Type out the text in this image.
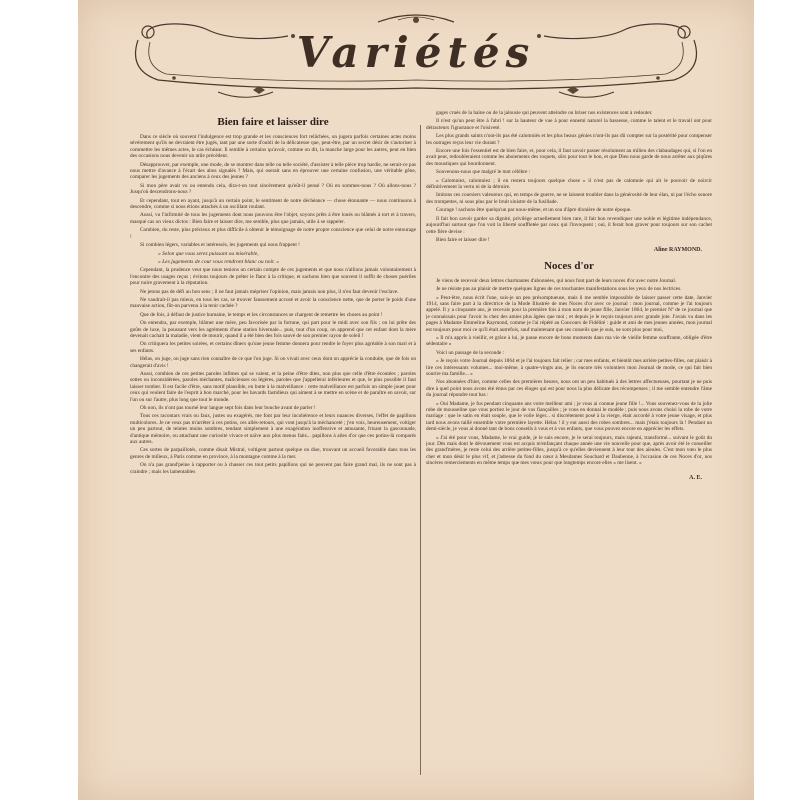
Variétés
Bien faire et laisser dire

Dans ce siècle où souvent l'indulgence est trop grande et les consciences fort relâchées, on jugera parfois certaines actes moins sévèrement qu'ils ne devraient être jugés, tant par une sorte d'oubli de la délicatesse que, peut-être, par un secret désir de s'autoriser à commettre les mêmes actes, le cas échéant. Il semble à certains qu'avoir, comme on dit, la manche large pour les autres, peut en bien des occasions nous devenir un utile précédent.

Désapprouver, par exemple, une mode, de se montrer dans telle ou telle société, d'assister à telle pièce trop hardie, ne serait-ce pas nous mettre d'avance à l'écart des abus signalés ? Mais, qui oserait sans en éprouver une certaine confusion, une véritable gêne, comparer les jugements des anciens à ceux des jeunes ?

Si mon père avait vu ou entendu cela, dira-t-on tout sincèrement qu'eût-il pensé ? Où en sommes-nous ? Où allons-nous ? Jusqu'où descendrons-nous ?

Et cependant, tout en ayant, jusqu'à un certain point, le sentiment de notre déchéance — chose étonnante — nous continuons à descendre, comme si nous étions attachés à un oscillant roulant.

Aussi, vu l'infirmité de tous les jugements dont nous pouvons être l'objet, soyons prêts à être loués ou blâmés à tort et à travers, masqué cas on vieux dictos : Bien faire et laisser dire, me semble, plus que jamais, utile à se rappeler.

Combien, du reste, plus précieux et plus difficile à obtenir le témoignage de notre propre conscience que celui de notre entourage !

Si combien légers, variables et intéressés, les jugements qui nous frappent !

« Selon que vous serez puissant ou misérable,

« Les jugements de cour vous rendront blanc ou noir. »

Cependant, la prudence veut que nous tenions un certain compte de ces jugements et que nous n'allions jamais volontairement à l'encontre des usages reçus ; évitons toujours de prêter le flanc à la critique, et sachons bien que souvent il suffit de choses puériles pour nuire gravement à la réputation.

Ne jetons pas de défi au bon sens ; il ne faut jamais mépriser l'opinion, mais jamais non plus, il n'en faut devenir l'esclave.

Ne vaudrait-il pas mieux, en tous les cas, se trouver faussement accusé et avoir la conscience nette, que de porter le poids d'une mauvaise action, fût-on parvenu à la tenir cachée ?

Que de fois, à défaut de justice humaine, le temps et les circonstances se chargent de remettre les choses au point !

On entendra, par exemple, blâmer une mère, peu favorisée par la fortune, qui part pour le midi avec son fils ; on lui prête des goûts de luxe, la poussant vers les agréments d'une station hivernale... puis, tout d'un coup, on apprend que cet enfant dont la mère devenait cachait la maladie, vient de mourir, quand il a été bien des fois sauvé de son premier rayon de soleil !

On critiquera les petites soirées, et certains dîners qu'une jeune femme donnera pour rendre le foyer plus agréable à son mari et à ses enfants.

Hélas, on juge, on juge sans rien connaître de ce que l'on juge. Si on vivait avec ceux dont on apprécie la conduite, que de fois on changerait d'avis !

Aussi, combien de ces petites paroles infimes qui se valent, et la peine d'être dites, non plus que celle d'être écoutées ; paroles sottes ou inconsidérées, paroles méchantes, malicieuses ou légères, paroles que j'appellerai inférieures et que, le plus possible il faut laisser tomber. Il est facile d'être, sans motif plausible, en butte à la malveillance : cette malveillance est parfois un simple jouet pour ceux qui veulent faire de l'esprit à bon marché, pour les bavards fastidieux qui aiment à se mettre en scène et de paraître en savoir, sur l'un ou sur l'autre, plus long que tout le monde.

Oh non, ils n'ont pas tourné leur langue sept fois dans leur bouche avant de parler !

Tous ces racontars vrais ou faux, justes ou exagérés, me font par leur incohérence et leurs nuances diverses, l'effet de papillons multicolores. Je ne veux pas m'arrêter à ces potins, ces allés-retours, qui vont jusqu'à la méchanceté ; j'en vois, heureusement, voltiger un peu partout, de teintes moins sombres, tendant simplement à une exagération inoffensive et amusante, frisant la gasconnade, d'antique mémoire, ou attachant une curiosité vivace et naïve aux plus menus faits... papillons à ailes d'or que ces potins-là comparés aux autres.

Ces sortes de parpaillotés, comme disait Mistral, voltigent partout quelque on dise, trouvant un accueil favorable dans tous les genres de milieux, à Paris comme en province, à la montagne comme à la mer.

On n'a pas grand'peine à rapporter ou à chasser ces tout petits papillons qui ne peuvent pas faire grand mal, ils ne sont pas à craindre ; mais les lamentables

gages crués de la haine ou de la jalousie qui peuvent atteindre ou briser nos existences sont à redouter.

Il n'est qu'un peut être à l'abri ! sur la hauteur de vue à pour ennemi naturel la bassesse, comme le talent et le travail ont pour détracteurs l'ignorance et l'oisiveté.

Les plus grands saints n'ont-ils pas été calomniés et les plus beaux génies n'ont-ils pas dû compter sur la postérité pour compenser les outrages reçus leur vie durant ?

Encore une fois l'essentiel est de bien faire, et, pour cela, il faut savoir passer résolument au milieu des clabaudages qui, si l'on en avait peur, redoubleraient comme les aboiements des roquets, sûrs pour tout le bon, et que Dieu nous garde de nous arrêter aux piqûres des moustiques qui bourdonnent.

Souvenons-nous que malgré le mot célèbre :

« Calomniez, calomniez ; il en restera toujours quelque chose » il n'est pas de calomnie qui ait le pouvoir de noircir définitivement la vertu ni de la détruire.

Imitons ces coursiers valeureux qui, en temps de guerre, ne se laissent troubler dans la générosité de leur élan, ni par l'écho sonore des trompettes, ni sous plus par le bruit sinistre de la fusillade.

Courage ! sachons être quelqu'un par nous-même, et un sou d'âpre dixnière de notre époque.

Il fait bon savoir garder sa dignité, privilège actuellement bien rare, il fait bon revendiquer une noble et légitime indépendance, aujourd'hui surtout que l'on voit la liberté souffletée par ceux qui l'invoquent ; oui, il ferait bon graver pour toujours sur son cachet cette fière devise :

Bien faire et laisser dire !

Aline RAYMOND.

Noces d'or

Je viens de recevoir deux lettres charmantes d'abonnées, qui nous font part de leurs noces d'or avec notre Journal.

Je ne résiste pas au plaisir de mettre quelques lignes de ces touchantes manifestations sous les yeux de nos lectrices.

« Peut-être, nous écrit l'une, suis-je un peu présomptueuse, mais il me semble impossible de laisser passer cette date, Janvier 1914, sans faire part à la directrice de la Mode Illustrée de mes Noces d'or avec ce journal : mon journal, comme je l'ai toujours appelé. Il y a cinquante ans, je recevais pour la première fois à mon nom de jeune fille, Janvier 1864, le premier Nº de ce journal que je connaissais pour l'avoir lu chez des amies plus âgées que moi ; et depuis je le reçois toujours avec grande joie. J'avais vu dans les pages à Madame Emmeline Raymond, comme je l'ai répété au Concours de Fidélité : guide et ami de mes jeunes années, mon journal est toujours pour moi ce qu'il était autrefois, sauf maintenant que ses conseils que je suis, ne sont plus pour moi,

« Il m'a appris à vieillir, et grâce à lui, je passe encore de bons moments dans ma vie de vieille femme souffrante, obligée d'être sédentaire »

Voici un passage de la seconde :

« Je reçois votre Journal depuis 1864 et je l'ai toujours fait relier ; car mes enfants, et bientôt mes arrière petites-filles, ont plaisir à lire ces intéressants volumes... moi-même, à quatre-vingts ans, je lis encore très volontiers mon Journal de mode, ce qui fait bien sourire ma famille... »

Nos abonnées d'hier, comme celles des premières heures, nous ont un peu habitués à des lettres affectueuses, pourtant je ne puis dire à quel point nous avons été émus par ces éloges qui est pour nous la plus délicate des récompenses ; il me semble entendre l'âme du journal répondre tout bas :

« Oui Madame, je fus pendant cinquante ans votre meilleur ami ; je vous ai connue jeune fille !... Vous souvenez-vous de la jolie robe de mousseline que vous portiez le jour de vos fiançailles ; je vous en donnai le modèle ; puis nous avons choisi la robe de votre mariage : que le satin en était souple, que le voile léger... si discrètement posé à la vierge, était accordé à votre jeune visage, et plus tard nous avons taillé ensemble votre première layette. Hélas ! il y eut aussi des robes sombres... mais j'étais toujours là ! Pendant un demi-siècle, je vous ai donné tant de bons conseils à vous et à vos enfants, que vous pouvez encore en apprécier les effets.

« J'ai été pour vous, Madame, le vrai guide, je le suis encore, je le serai toujours, mais rajeuni, transformé... suivant le goût du jour. Dès mais dont le dévouement vous est acquis m'enfançant chaque année une vie nouvelle pour que, après avoir été le conseiller des grand'mères, je reste celui des arrière petites-filles, jusqu'à ce qu'elles deviennent à leur tour des aïeules. C'est mon vœu le plus cher et mon désir le plus vif, et j'adresse du fond du cœur à Mesdames Souchard et Daubenne, à l'occasion de ces Noces d'or, nos sincères remerciements en même temps que mes vœux pour que longtemps encore elles « me lisent. »

A. E.
